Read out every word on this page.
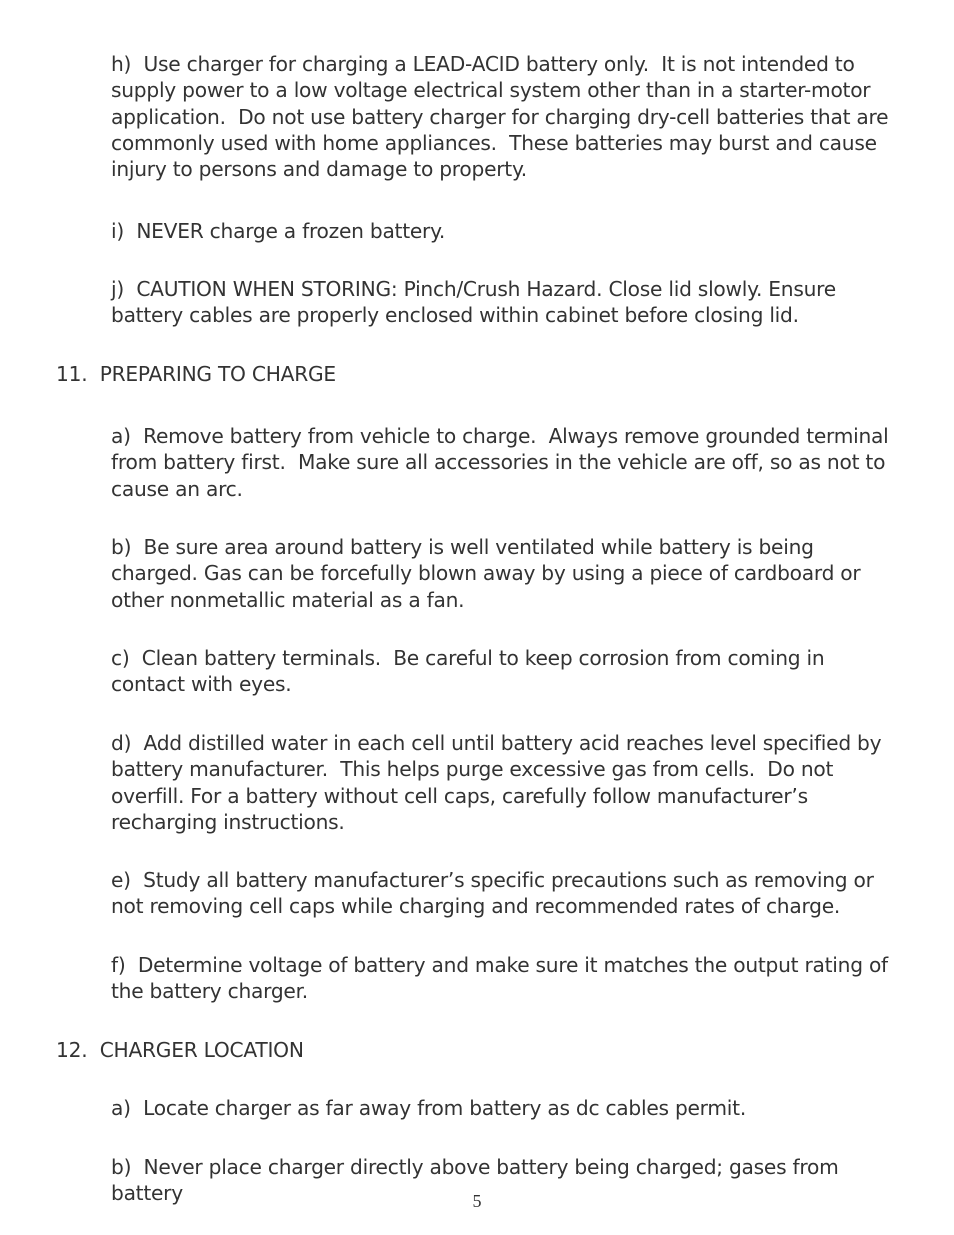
h)  Use charger for charging a LEAD-ACID battery only.  It is not intended to supply power to a low voltage electrical system other than in a starter-motor application.  Do not use battery charger for charging dry-cell batteries that are commonly used with home appliances.  These batteries may burst and cause injury to persons and damage to property.

i)  NEVER charge a frozen battery.

j)  CAUTION WHEN STORING: Pinch/Crush Hazard. Close lid slowly. Ensure battery cables are properly enclosed within cabinet before closing lid.

11.  PREPARING TO CHARGE

a)  Remove battery from vehicle to charge.  Always remove grounded terminal from battery first.  Make sure all accessories in the vehicle are off, so as not to cause an arc.

b)  Be sure area around battery is well ventilated while battery is being charged. Gas can be forcefully blown away by using a piece of cardboard or other nonmetallic material as a fan.

c)  Clean battery terminals.  Be careful to keep corrosion from coming in contact with eyes.

d)  Add distilled water in each cell until battery acid reaches level specified by battery manufacturer.  This helps purge excessive gas from cells.  Do not overfill. For a battery without cell caps, carefully follow manufacturer’s recharging instructions.

e)  Study all battery manufacturer’s specific precautions such as removing or not removing cell caps while charging and recommended rates of charge.

f)  Determine voltage of battery and make sure it matches the output rating of the battery charger.

12.  CHARGER LOCATION

a)  Locate charger as far away from battery as dc cables permit.

b)  Never place charger directly above battery being charged; gases from battery	5
